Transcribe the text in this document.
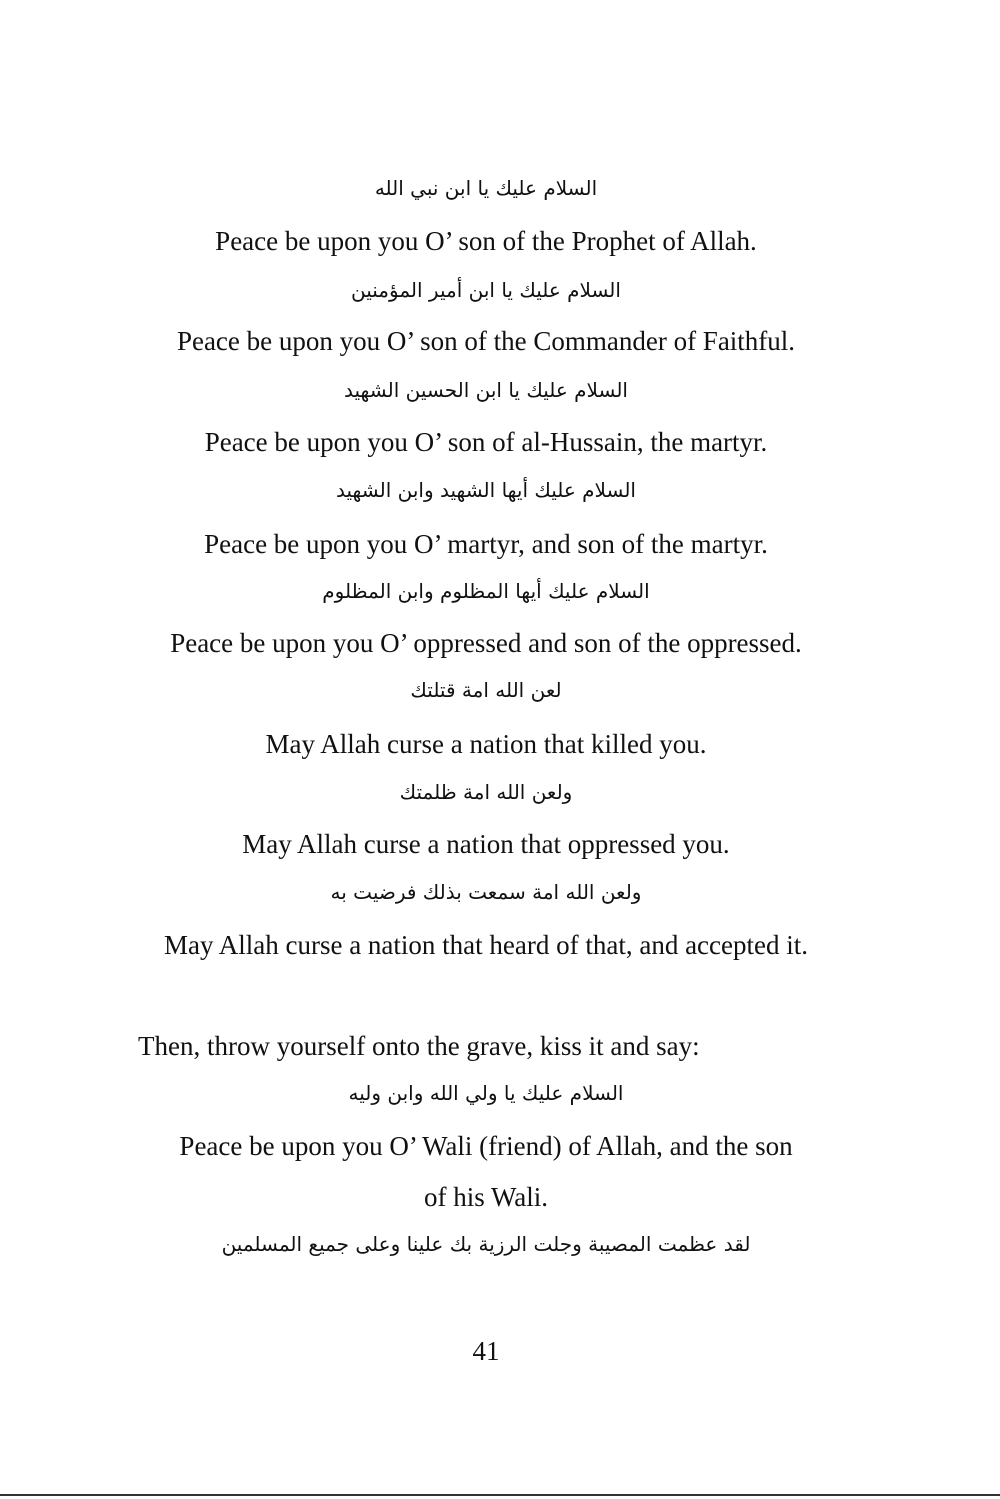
السلام عليك يا ابن نبي الله
Peace be upon you O’ son of the Prophet of Allah.
السلام عليك يا ابن أمير المؤمنين
Peace be upon you O’ son of the Commander of Faithful.
السلام عليك يا ابن الحسين الشهيد
Peace be upon you O’ son of al-Hussain, the martyr.
السلام عليك أيها الشهيد وابن الشهيد
Peace be upon you O’ martyr, and son of the martyr.
السلام عليك أيها المظلوم وابن المظلوم
Peace be upon you O’ oppressed and son of the oppressed.
لعن الله امة قتلتك
May Allah curse a nation that killed you.
ولعن الله امة ظلمتك
May Allah curse a nation that oppressed you.
ولعن الله امة سمعت بذلك فرضيت به
May Allah curse a nation that heard of that, and accepted it.
Then, throw yourself onto the grave, kiss it and say:
السلام عليك يا ولي الله وابن وليه
Peace be upon you O’ Wali (friend) of Allah, and the son
of his Wali.
لقد عظمت المصيبة وجلت الرزية بك علينا وعلى جميع المسلمين
41
